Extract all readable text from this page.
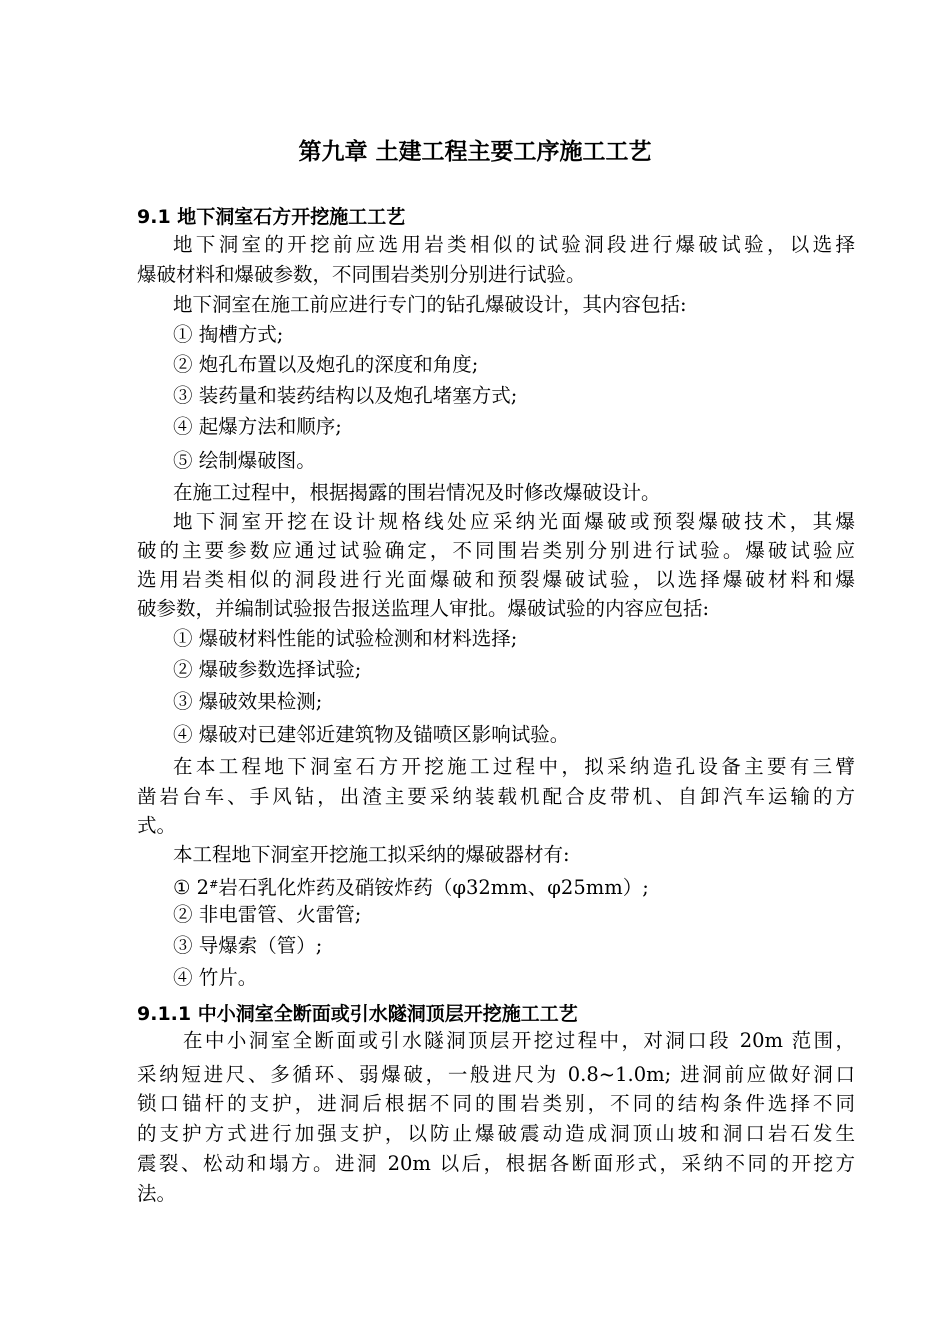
第九章 土建工程主要工序施工工艺
9.1 地下洞室石方开挖施工工艺
地下洞室的开挖前应选用岩类相似的试验洞段进行爆破试验，以选择
爆破材料和爆破参数，不同围岩类别分别进行试验。
地下洞室在施工前应进行专门的钻孔爆破设计，其内容包括:
① 掏槽方式;
② 炮孔布置以及炮孔的深度和角度;
③ 装药量和装药结构以及炮孔堵塞方式;
④ 起爆方法和顺序;
⑤ 绘制爆破图。
在施工过程中，根据揭露的围岩情况及时修改爆破设计。
地下洞室开挖在设计规格线处应采纳光面爆破或预裂爆破技术，其爆
破的主要参数应通过试验确定，不同围岩类别分别进行试验。爆破试验应
选用岩类相似的洞段进行光面爆破和预裂爆破试验，以选择爆破材料和爆
破参数，并编制试验报告报送监理人审批。爆破试验的内容应包括:
① 爆破材料性能的试验检测和材料选择;
② 爆破参数选择试验;
③ 爆破效果检测;
④ 爆破对已建邻近建筑物及锚喷区影响试验。
在本工程地下洞室石方开挖施工过程中，拟采纳造孔设备主要有三臂
凿岩台车、手风钻，出渣主要采纳装载机配合皮带机、自卸汽车运输的方
式。
本工程地下洞室开挖施工拟采纳的爆破器材有:
① 2#岩石乳化炸药及硝铵炸药（φ32mm、φ25mm）;
② 非电雷管、火雷管;
③ 导爆索（管）;
④ 竹片。
9.1.1 中小洞室全断面或引水隧洞顶层开挖施工工艺
在中小洞室全断面或引水隧洞顶层开挖过程中，对洞口段 20m 范围，
采纳短进尺、多循环、弱爆破，一般进尺为 0.8~1.0m; 进洞前应做好洞口
锁口锚杆的支护，进洞后根据不同的围岩类别，不同的结构条件选择不同
的支护方式进行加强支护，以防止爆破震动造成洞顶山坡和洞口岩石发生
震裂、松动和塌方。进洞 20m 以后，根据各断面形式，采纳不同的开挖方
法。
